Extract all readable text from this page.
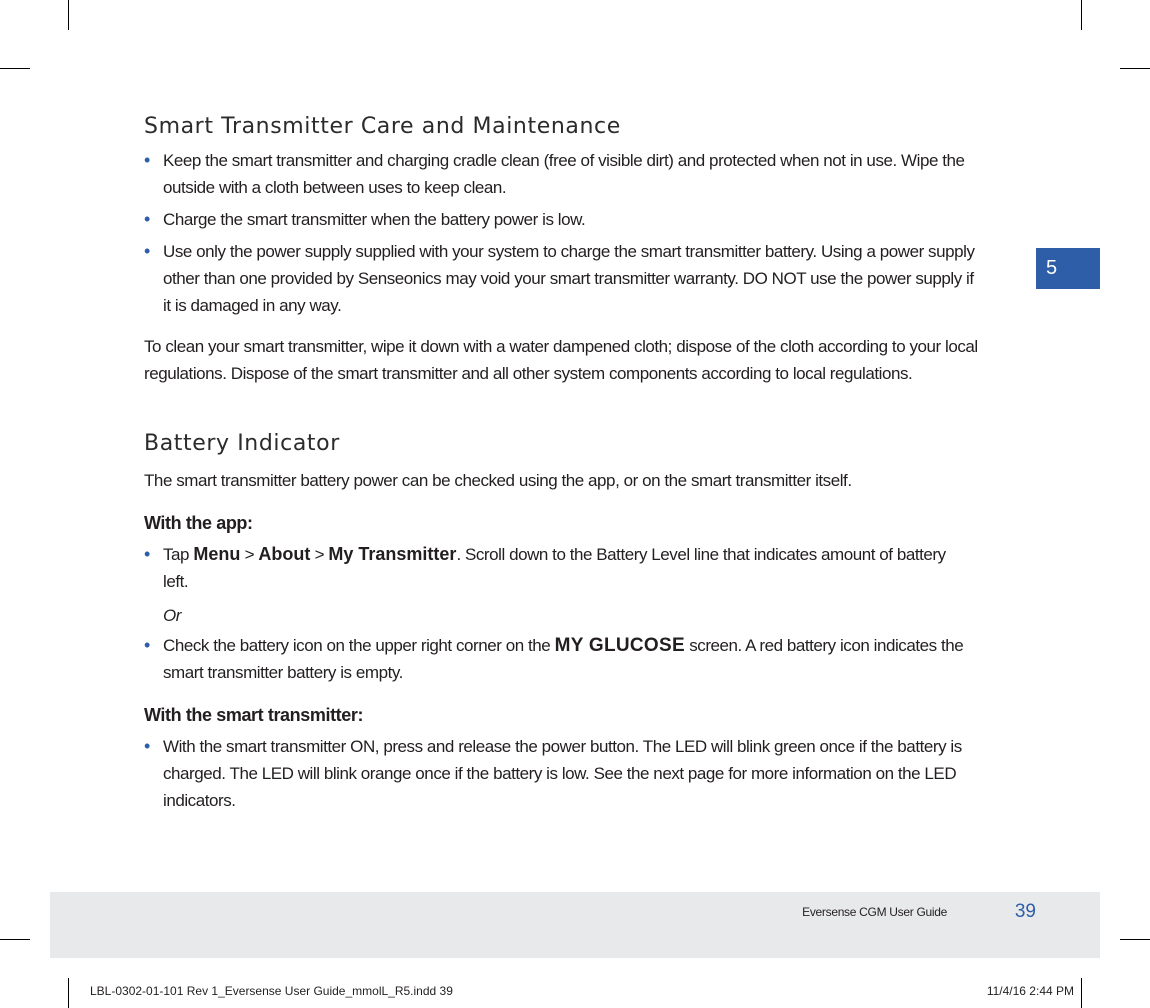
5
Smart Transmitter Care and Maintenance
• Keep the smart transmitter and charging cradle clean (free of visible dirt) and protected when not in use. Wipe the outside with a cloth between uses to keep clean.
• Charge the smart transmitter when the battery power is low.
• Use only the power supply supplied with your system to charge the smart transmitter battery. Using a power supply other than one provided by Senseonics may void your smart transmitter warranty. DO NOT use the power supply if it is damaged in any way.

To clean your smart transmitter, wipe it down with a water dampened cloth; dispose of the cloth according to your local regulations. Dispose of the smart transmitter and all other system components according to local regulations.

Battery Indicator

The smart transmitter battery power can be checked using the app, or on the smart transmitter itself.

With the app:

• Tap Menu > About > My Transmitter. Scroll down to the Battery Level line that indicates amount of battery left.

Or

• Check the battery icon on the upper right corner on the MY GLUCOSE screen. A red battery icon indicates the smart transmitter battery is empty.

With the smart transmitter:

• With the smart transmitter ON, press and release the power button. The LED will blink green once if the battery is charged. The LED will blink orange once if the battery is low. See the next page for more information on the LED indicators.
Eversense CGM User Guide	39
LBL-0302-01-101 Rev 1_Eversense User Guide_mmolL_R5.indd 39	11/4/16 2:44 PM
